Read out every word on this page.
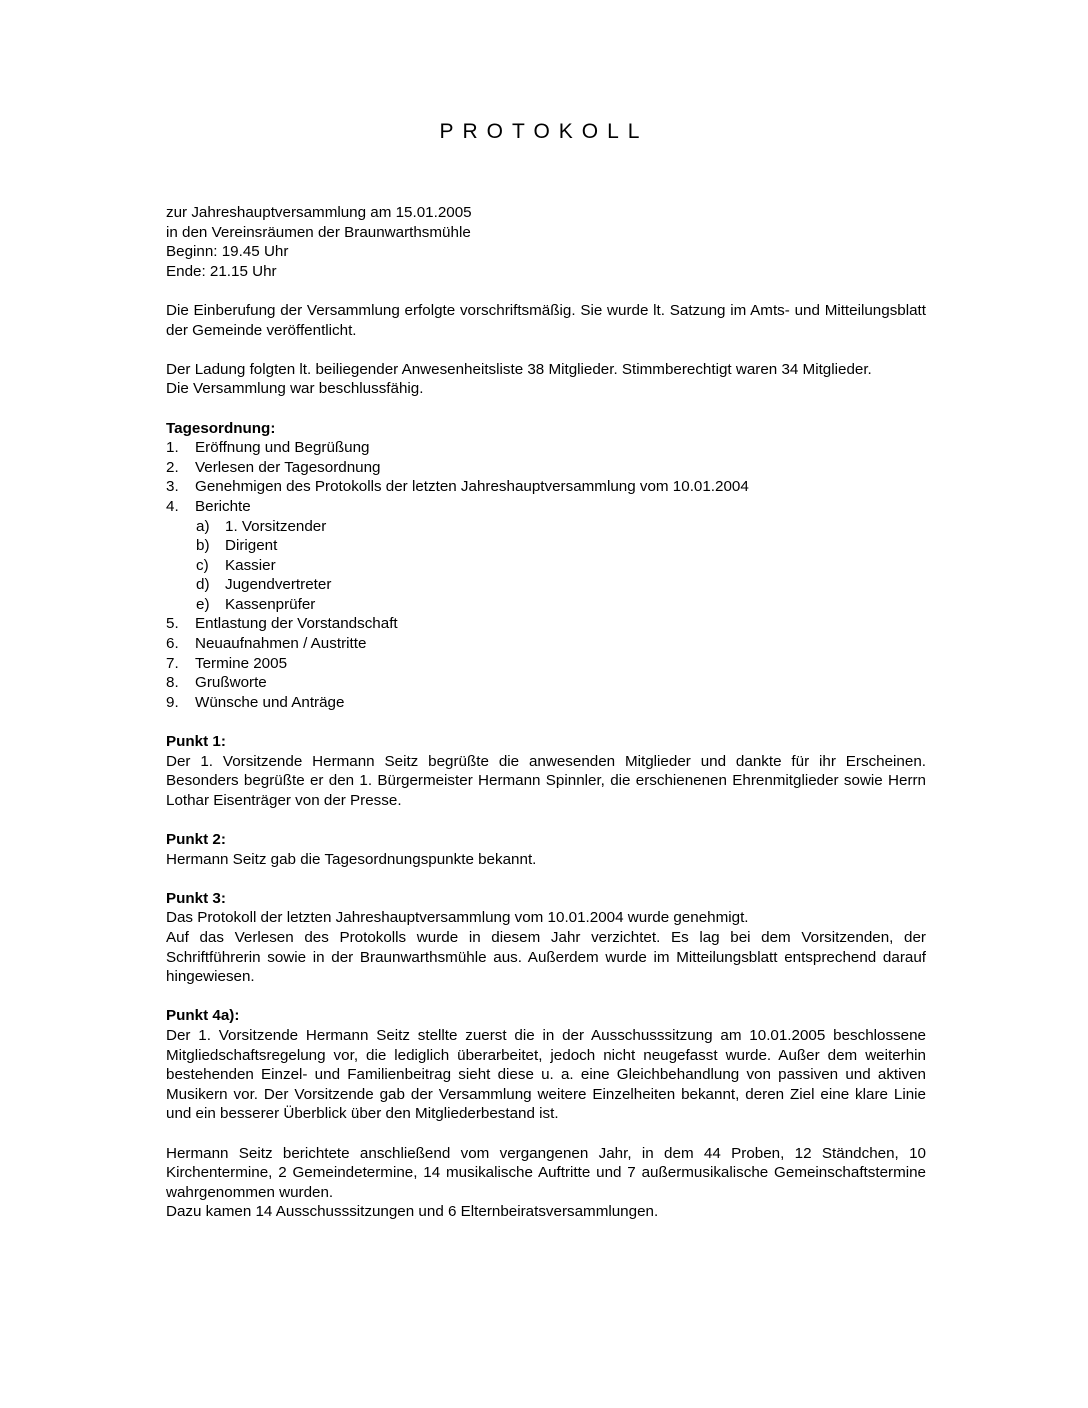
protokoll
zur Jahreshauptversammlung am 15.01.2005
in den Vereinsräumen der Braunwarthsmühle
Beginn: 19.45 Uhr
Ende: 21.15 Uhr

Die Einberufung der Versammlung erfolgte vorschriftsmäßig. Sie wurde lt. Satzung im Amts- und Mitteilungsblatt der Gemeinde veröffentlicht.

Der Ladung folgten lt. beiliegender Anwesenheitsliste 38 Mitglieder. Stimmberechtigt waren 34 Mitglieder.

Die Versammlung war beschlussfähig.
Tagesordnung:
1.	Eröffnung und Begrüßung
2.	Verlesen der Tagesordnung
3.	Genehmigen des Protokolls der letzten Jahreshauptversammlung vom 10.01.2004
4.	Berichte
a)	1. Vorsitzender
b)	Dirigent
c)	Kassier
d)	Jugendvertreter
e)	Kassenprüfer
5.	Entlastung der Vorstandschaft
6.	Neuaufnahmen / Austritte
7.	Termine 2005
8.	Grußworte
9.	Wünsche und Anträge
Punkt 1:

Der 1. Vorsitzende Hermann Seitz begrüßte die anwesenden Mitglieder und dankte für ihr Erscheinen. Besonders begrüßte er den 1. Bürgermeister Hermann Spinnler, die erschienenen Ehrenmitglieder sowie Herrn Lothar Eisenträger von der Presse.

Punkt 2:

Hermann Seitz gab die Tagesordnungspunkte bekannt.

Punkt 3:

Das Protokoll der letzten Jahreshauptversammlung vom 10.01.2004 wurde genehmigt.

Auf das Verlesen des Protokolls wurde in diesem Jahr verzichtet. Es lag bei dem Vorsitzenden, der Schriftführerin sowie in der Braunwarthsmühle aus. Außerdem wurde im Mitteilungsblatt entsprechend darauf hingewiesen.

Punkt 4a):

Der 1. Vorsitzende Hermann Seitz stellte zuerst die in der Ausschusssitzung am 10.01.2005 beschlossene Mitgliedschaftsregelung vor, die lediglich überarbeitet, jedoch nicht neugefasst wurde. Außer dem weiterhin bestehenden Einzel- und Familienbeitrag sieht diese u. a. eine Gleichbehandlung von passiven und aktiven Musikern vor. Der Vorsitzende gab der Versammlung weitere Einzelheiten bekannt, deren Ziel eine klare Linie und ein besserer Überblick über den Mitgliederbestand ist.

Hermann Seitz berichtete anschließend vom vergangenen Jahr, in dem 44 Proben, 12 Ständchen, 10 Kirchentermine, 2 Gemeindetermine, 14 musikalische Auftritte und 7 außermusikalische Gemeinschaftstermine wahrgenommen wurden.

Dazu kamen 14 Ausschusssitzungen und 6 Elternbeiratsversammlungen.
